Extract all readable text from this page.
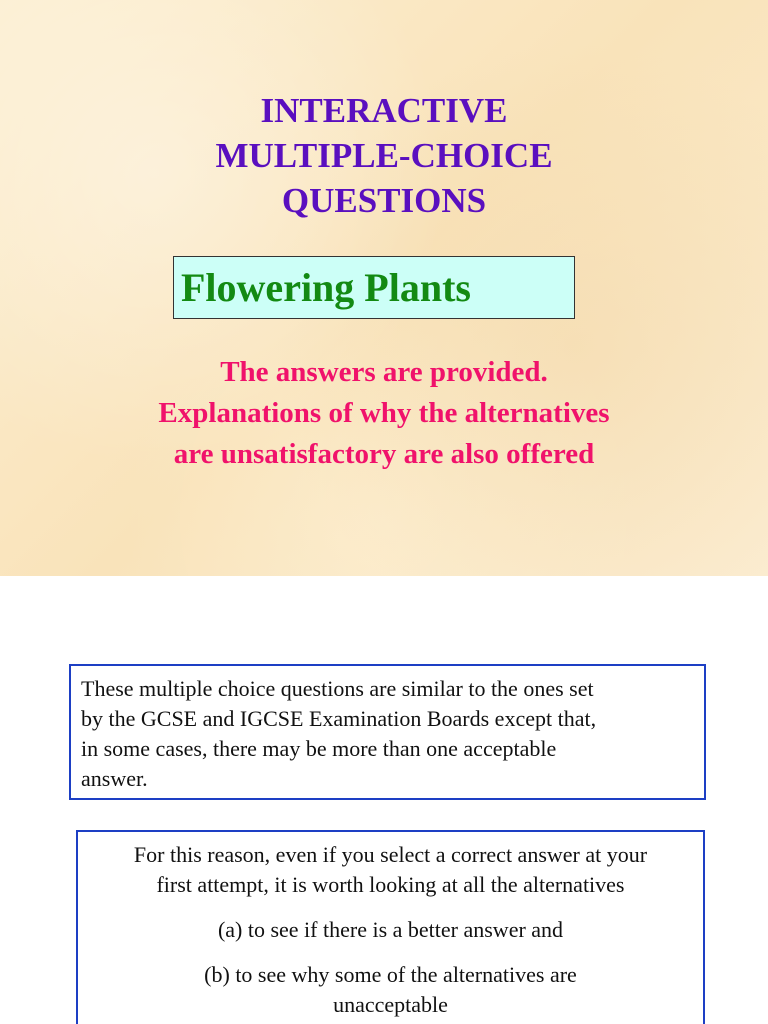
INTERACTIVE
MULTIPLE-CHOICE
QUESTIONS
Flowering Plants
The answers are provided.
Explanations of why the alternatives
are unsatisfactory are also offered
These multiple choice questions are similar to the ones set
by the GCSE and IGCSE Examination Boards except that,
in some cases, there may be more than one acceptable
answer.
For this reason, even if you select a correct answer at your
first attempt, it is worth looking at all the alternatives
(a) to see if there is a better answer and
(b) to see why some of the alternatives are
unacceptable
